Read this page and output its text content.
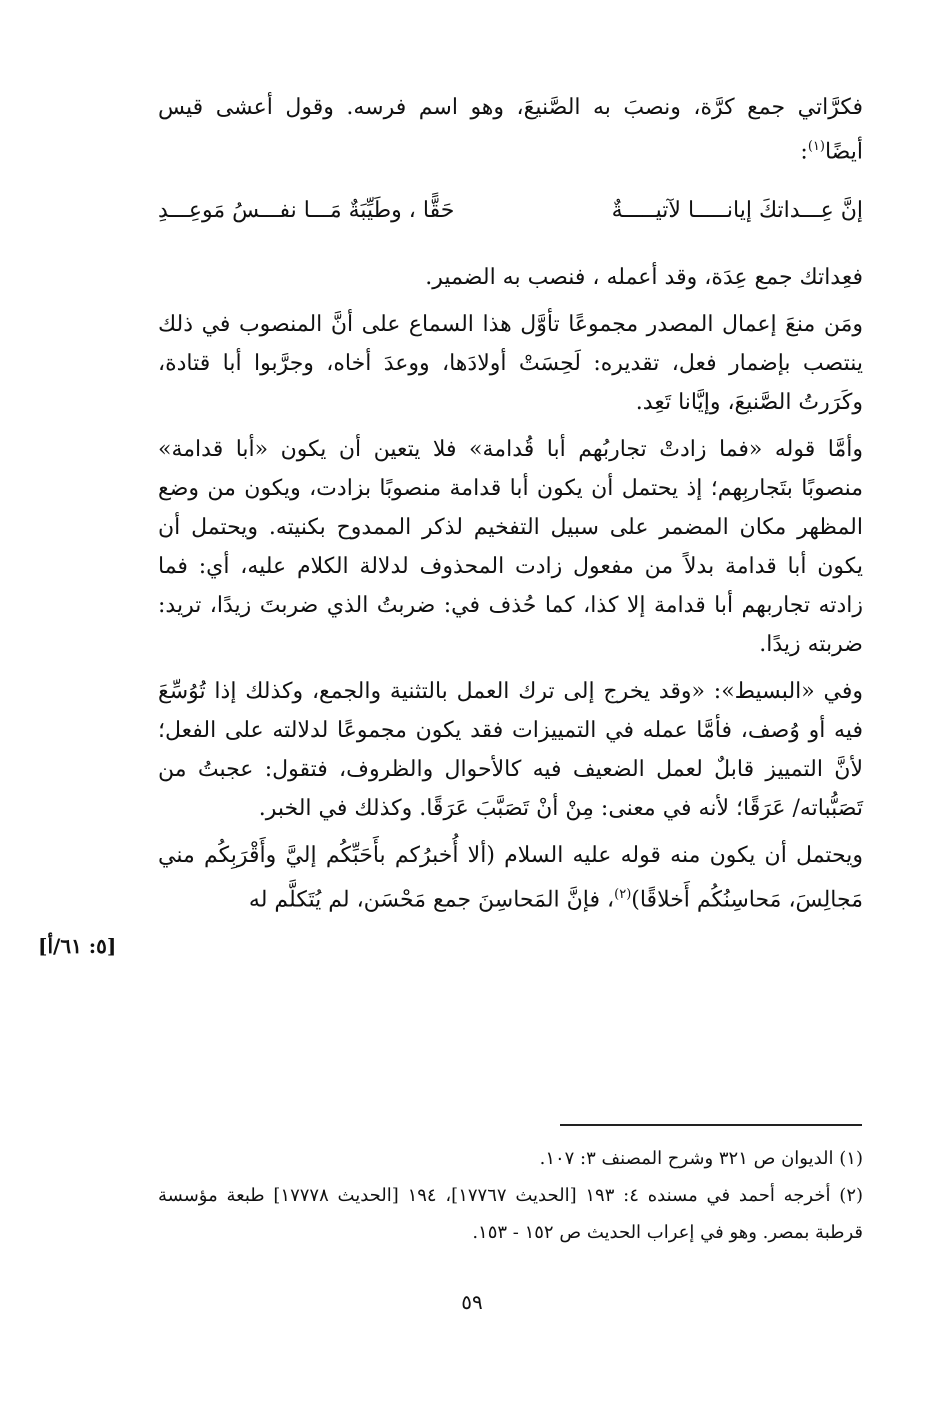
فكرَّاتي جمع كرَّة، ونصبَ به الصَّنيعَ، وهو اسم فرسه. وقول أعشى قيس أيضًا$^{(١)}$:

إنَّ عِـــداتكَ إيانـــــا لآتيـــــةٌ
حَقًّا ، وطَيِّبَةٌ مَـــا نفـــسُ مَوعِـــدِ

فعِداتك جمع عِدَة، وقد أعمله ، فنصب به الضمير.

ومَن منعَ إعمال المصدر مجموعًا تأوَّل هذا السماع على أنَّ المنصوب في ذلك ينتصب بإضمار فعل، تقديره: لَحِسَتْ أولادَها، ووعدَ أخاه، وجرَّبوا أبا قتادة، وكَرَرتُ الصَّنيعَ، وإيَّانا تَعِد.

وأمَّا قوله «فما زادتْ تجاربُهم أبا قُدامة» فلا يتعين أن يكون «أبا قدامة» منصوبًا بتَجاربِهم؛ إذ يحتمل أن يكون أبا قدامة منصوبًا بزادت، ويكون من وضع المظهر مكان المضمر على سبيل التفخيم لذكر الممدوح بكنيته. ويحتمل أن يكون أبا قدامة بدلاً من مفعول زادت المحذوف لدلالة الكلام عليه، أي: فما زادته تجاربهم أبا قدامة إلا كذا، كما حُذف في: ضربتُ الذي ضربتَ زيدًا، تريد: ضربته زيدًا.

وفي «البسيط»: «وقد يخرج إلى ترك العمل بالتثنية والجمع، وكذلك إذا تُوُسِّعَ فيه أو وُصف، فأمَّا عمله في التمييزات فقد يكون مجموعًا لدلالته على الفعل؛ لأنَّ التمييز قابلٌ لعمل الضعيف فيه كالأحوال والظروف، فتقول: عجبتُ من تَصَبُّباته/ عَرَقًا؛ لأنه في معنى: مِنْ أنْ تَصَبَّبَ عَرَقًا. وكذلك في الخبر.

ويحتمل أن يكون منه قوله عليه السلام (ألا أُخبرُكم بأَحَبِّكُم إليَّ وأَقْرَبِكُم مني مَجالِسَ، مَحاسِنُكُم أَخلاقًا)$^{(٢)}$، فإنَّ المَحاسِنَ جمع مَحْسَن، لم يُتَكلَّم له

[٥: ٦١/أ]

(١) الديوان ص ٣٢١ وشرح المصنف ٣: ١٠٧.

(٢) أخرجه أحمد في مسنده ٤: ١٩٣ [الحديث ١٧٧٦٧]، ١٩٤ [الحديث ١٧٧٧٨] طبعة مؤسسة قرطبة بمصر. وهو في إعراب الحديث ص ١٥٢ - ١٥٣.

٥٩
